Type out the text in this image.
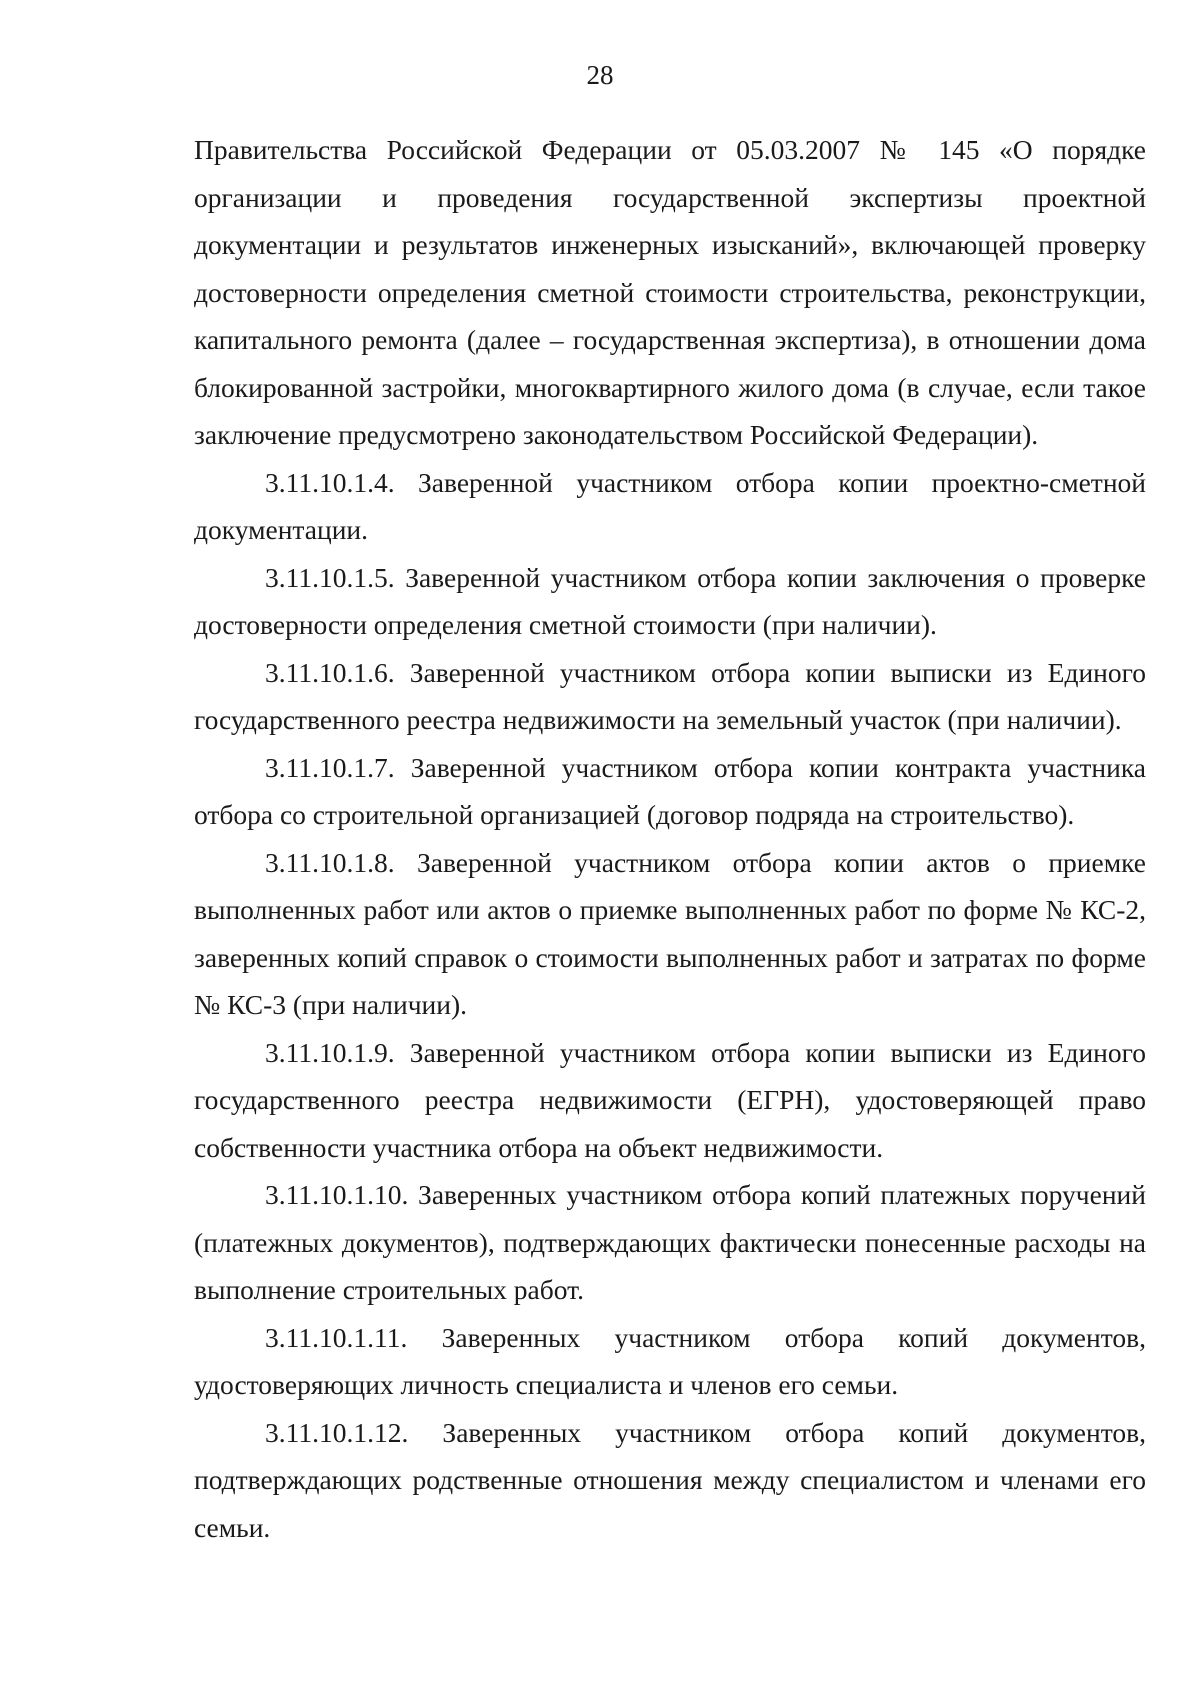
28

Правительства Российской Федерации от 05.03.2007 № 145 «О порядке организации и проведения государственной экспертизы проектной документации и результатов инженерных изысканий», включающей проверку достоверности определения сметной стоимости строительства, реконструкции, капитального ремонта (далее – государственная экспертиза), в отношении дома блокированной застройки, многоквартирного жилого дома (в случае, если такое заключение предусмотрено законодательством Российской Федерации).

3.11.10.1.4. Заверенной участником отбора копии проектно-сметной документации.

3.11.10.1.5. Заверенной участником отбора копии заключения о проверке достоверности определения сметной стоимости (при наличии).

3.11.10.1.6. Заверенной участником отбора копии выписки из Единого государственного реестра недвижимости на земельный участок (при наличии).

3.11.10.1.7. Заверенной участником отбора копии контракта участника отбора со строительной организацией (договор подряда на строительство).

3.11.10.1.8. Заверенной участником отбора копии актов о приемке выполненных работ или актов о приемке выполненных работ по форме № КС-2, заверенных копий справок о стоимости выполненных работ и затратах по форме № КС-3 (при наличии).

3.11.10.1.9. Заверенной участником отбора копии выписки из Единого государственного реестра недвижимости (ЕГРН), удостоверяющей право собственности участника отбора на объект недвижимости.

3.11.10.1.10. Заверенных участником отбора копий платежных поручений (платежных документов), подтверждающих фактически понесенные расходы на выполнение строительных работ.

3.11.10.1.11. Заверенных участником отбора копий документов, удостоверяющих личность специалиста и членов его семьи.

3.11.10.1.12. Заверенных участником отбора копий документов, подтверждающих родственные отношения между специалистом и членами его семьи.
